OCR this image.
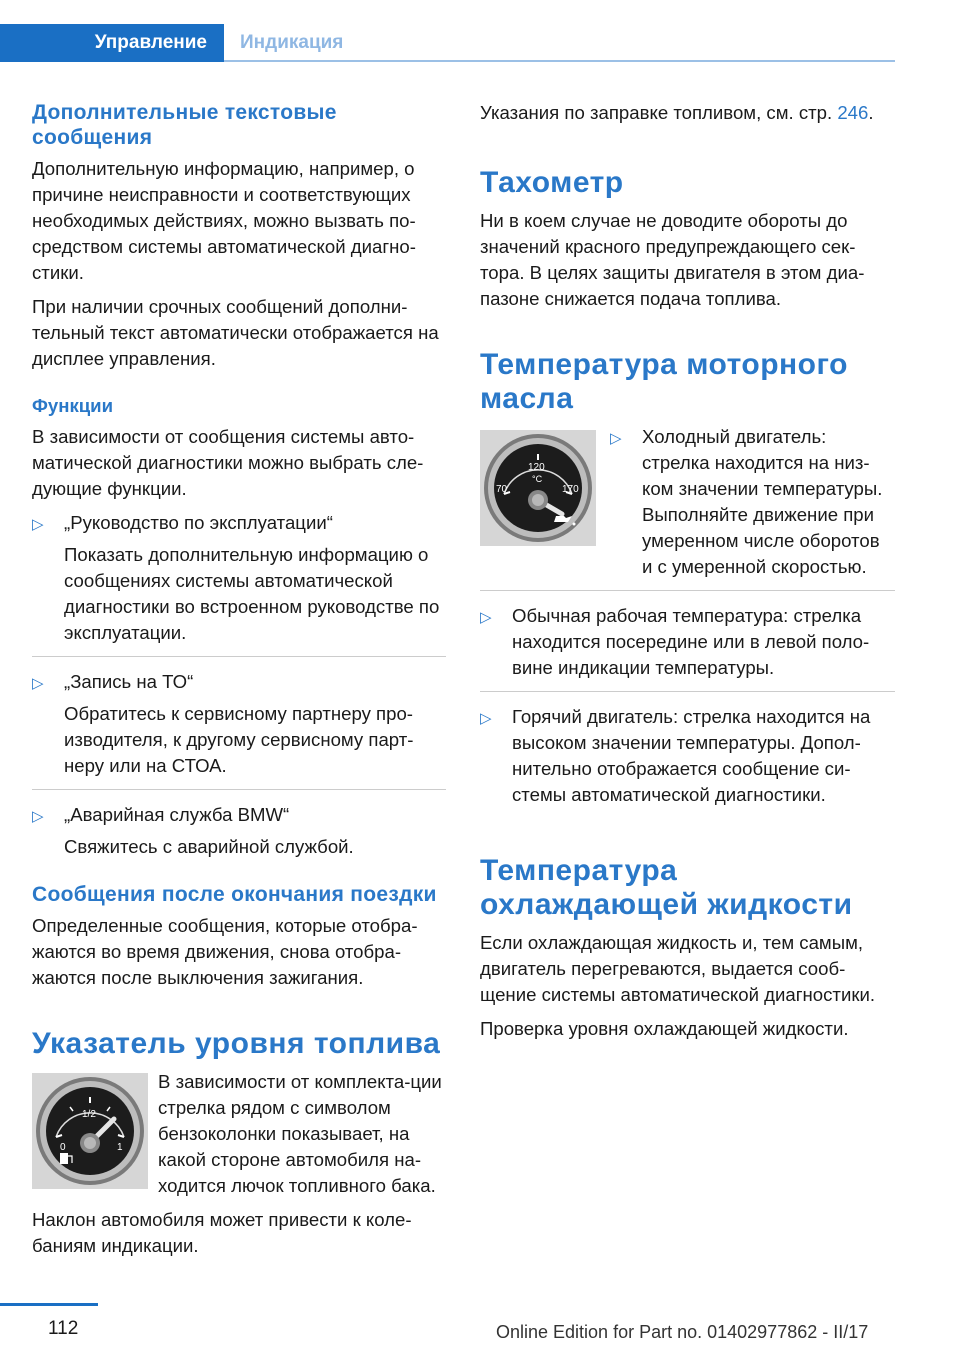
Управление	Индикация
Дополнительные текстовые сообщения

Дополнительную информацию, например, о причине неисправности и соответствующих необходимых действиях, можно вызвать по-средством системы автоматической диагно-стики.

При наличии срочных сообщений дополни-тельный текст автоматически отображается на дисплее управления.

Функции

В зависимости от сообщения системы авто-матической диагностики можно выбрать сле-дующие функции.

▷ „Руководство по эксплуатации“
Показать дополнительную информацию о сообщениях системы автоматической диагностики во встроенном руководстве по эксплуатации.
▷ „Запись на ТО“
Обратитесь к сервисному партнеру про-изводителя, к другому сервисному парт-неру или на СТОА.
▷ „Аварийная служба BMW“
Свяжитесь с аварийной службой.
Сообщения после окончания поездки

Определенные сообщения, которые отобра-жаются во время движения, снова отобра-жаются после выключения зажигания.

Указатель уровня топлива
0
1/2
1

В зависимости от комплекта-ции стрелка рядом с символом бензоколонки показывает, на какой стороне автомобиля на-ходится лючок топливного бака.

Наклон автомобиля может привести к коле-баниям индикации.

Указания по заправке топливом, см. стр. 246.

Тахометр

Ни в коем случае не доводите обороты до значений красного предупреждающего сек-тора. В целях защиты двигателя в этом диа-пазоне снижается подача топлива.

Температура моторного масла
70
120
°C
170
▷ Холодный двигатель: стрелка находится на низ-ком значении температуры. Выполняйте движение при умеренном числе оборотов и с умеренной скоростью.
▷ Обычная рабочая температура: стрелка находится посередине или в левой поло-вине индикации температуры.
▷ Горячий двигатель: стрелка находится на высоком значении температуры. Допол-нительно отображается сообщение си-стемы автоматической диагностики.
Температура охлаждающей жидкости

Если охлаждающая жидкость и, тем самым, двигатель перегреваются, выдается сооб-щение системы автоматической диагностики.

Проверка уровня охлаждающей жидкости.

112	Online Edition for Part no. 01402977862 - II/17
